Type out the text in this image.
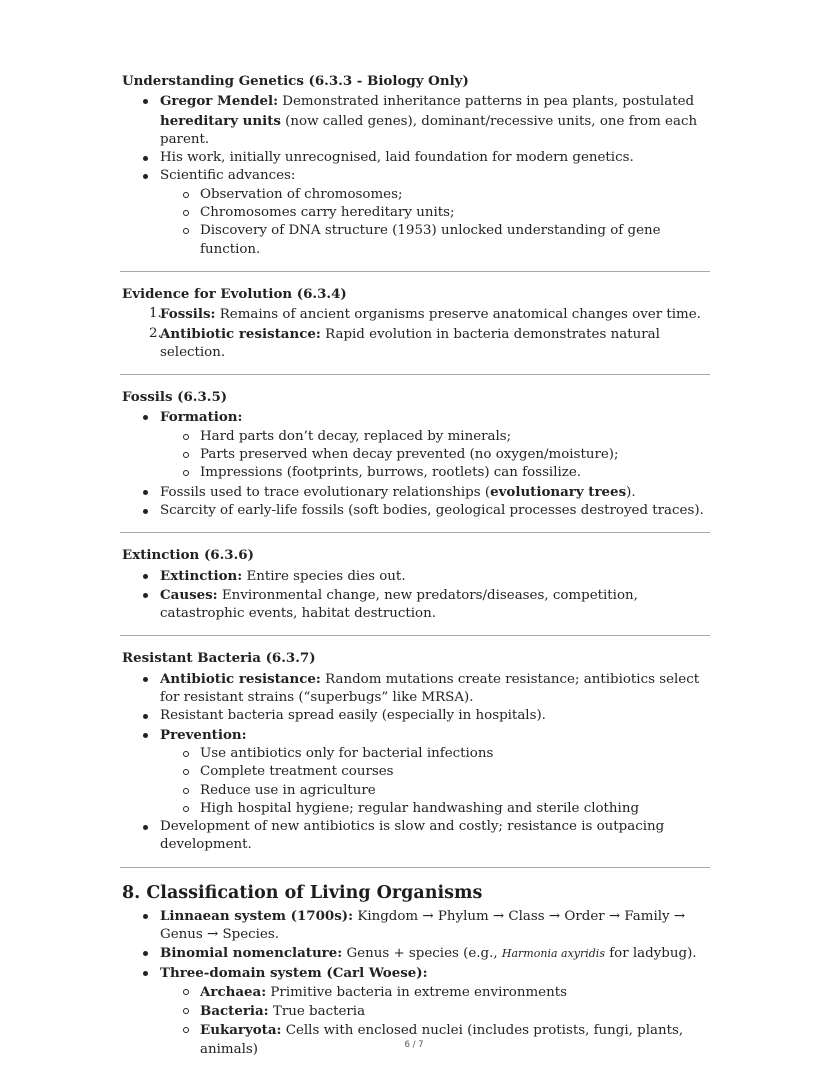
Understanding Genetics (6.3.3 - Biology Only)
Gregor Mendel: Demonstrated inheritance patterns in pea plants, postulated hereditary units (now called genes), dominant/recessive units, one from each parent.
His work, initially unrecognised, laid foundation for modern genetics.
Scientific advances:
Observation of chromosomes;
Chromosomes carry hereditary units;
Discovery of DNA structure (1953) unlocked understanding of gene function.
Evidence for Evolution (6.3.4)
1.
Fossils: Remains of ancient organisms preserve anatomical changes over time.
2.
Antibiotic resistance: Rapid evolution in bacteria demonstrates natural selection.
Fossils (6.3.5)
Formation:
Hard parts don’t decay, replaced by minerals;
Parts preserved when decay prevented (no oxygen/moisture);
Impressions (footprints, burrows, rootlets) can fossilize.
Fossils used to trace evolutionary relationships (evolutionary trees).
Scarcity of early-life fossils (soft bodies, geological processes destroyed traces).
Extinction (6.3.6)
Extinction: Entire species dies out.
Causes: Environmental change, new predators/diseases, competition, catastrophic events, habitat destruction.
Resistant Bacteria (6.3.7)
Antibiotic resistance: Random mutations create resistance; antibiotics select for resistant strains (“superbugs” like MRSA).
Resistant bacteria spread easily (especially in hospitals).
Prevention:
Use antibiotics only for bacterial infections
Complete treatment courses
Reduce use in agriculture
High hospital hygiene; regular handwashing and sterile clothing
Development of new antibiotics is slow and costly; resistance is outpacing development.
8. Classification of Living Organisms
Linnaean system (1700s): Kingdom → Phylum → Class → Order → Family → Genus → Species.
Binomial nomenclature: Genus + species (e.g., Harmonia axyridis for ladybug).
Three-domain system (Carl Woese):
Archaea: Primitive bacteria in extreme environments
Bacteria: True bacteria
Eukaryota: Cells with enclosed nuclei (includes protists, fungi, plants, animals)	6 / 7
